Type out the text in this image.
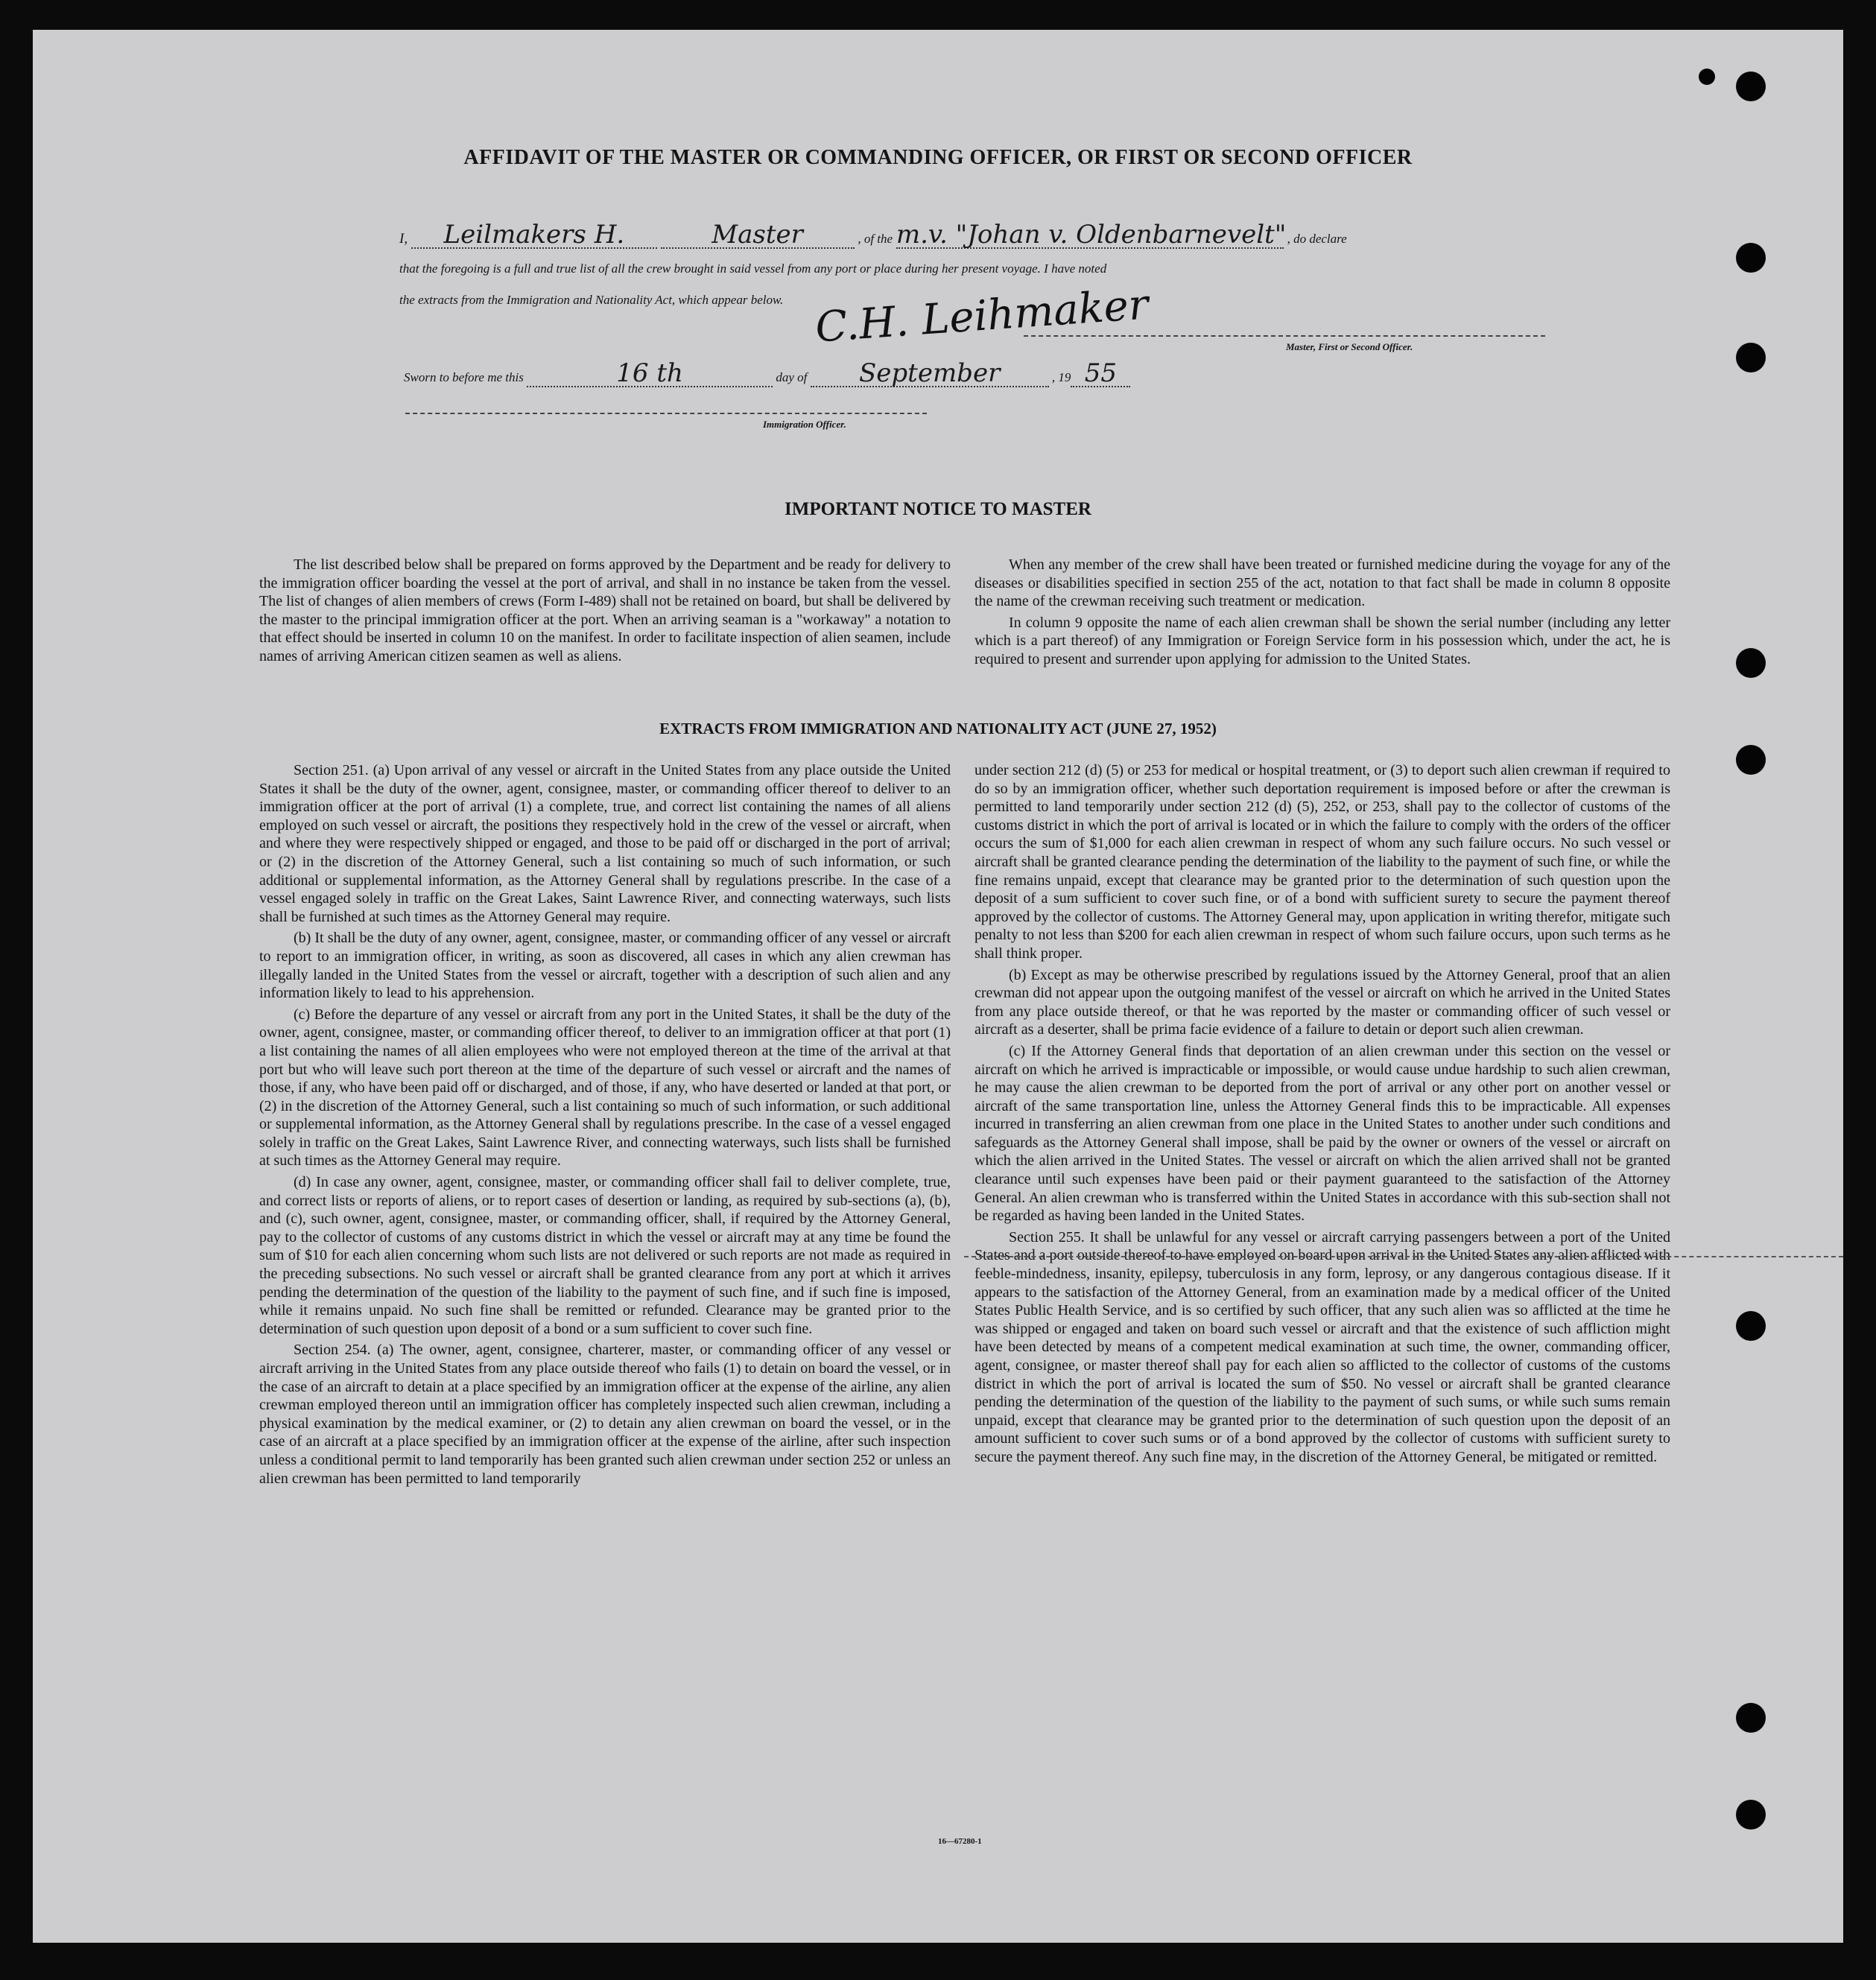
AFFIDAVIT OF THE MASTER OR COMMANDING OFFICER, OR FIRST OR SECOND OFFICER
I, Leilmakers H.	Master	, of the m.v. "Johan v. Oldenbarnevelt" , do declare
that the foregoing is a full and true list of all the crew brought in said vessel from any port or place during her present voyage. I have noted
the extracts from the Immigration and Nationality Act, which appear below. C.H. Leihmaker	Master, First or Second Officer.
Sworn to before me this	16 th	day of September	, 19 55
Immigration Officer.
IMPORTANT NOTICE TO MASTER

The list described below shall be prepared on forms approved by the Department and be ready for delivery to the immigration officer boarding the vessel at the port of arrival, and shall in no instance be taken from the vessel. The list of changes of alien members of crews (Form I-489) shall not be retained on board, but shall be delivered by the master to the principal immigration officer at the port. When an arriving seaman is a "workaway" a notation to that effect should be inserted in column 10 on the manifest. In order to facilitate inspection of alien seamen, include names of arriving American citizen seamen as well as aliens.

When any member of the crew shall have been treated or furnished medicine during the voyage for any of the diseases or disabilities specified in section 255 of the act, notation to that fact shall be made in column 8 opposite the name of the crewman receiving such treatment or medication.

In column 9 opposite the name of each alien crewman shall be shown the serial number (including any letter which is a part thereof) of any Immigration or Foreign Service form in his possession which, under the act, he is required to present and surrender upon applying for admission to the United States.

EXTRACTS FROM IMMIGRATION AND NATIONALITY ACT (JUNE 27, 1952)

Section 251. (a) Upon arrival of any vessel or aircraft in the United States from any place outside the United States it shall be the duty of the owner, agent, consignee, master, or commanding officer thereof to deliver to an immigration officer at the port of arrival (1) a complete, true, and correct list containing the names of all aliens employed on such vessel or aircraft, the positions they respectively hold in the crew of the vessel or aircraft, when and where they were respectively shipped or engaged, and those to be paid off or discharged in the port of arrival; or (2) in the discretion of the Attorney General, such a list containing so much of such information, or such additional or supplemental information, as the Attorney General shall by regulations prescribe. In the case of a vessel engaged solely in traffic on the Great Lakes, Saint Lawrence River, and connecting waterways, such lists shall be furnished at such times as the Attorney General may require.

(b) It shall be the duty of any owner, agent, consignee, master, or commanding officer of any vessel or aircraft to report to an immigration officer, in writing, as soon as discovered, all cases in which any alien crewman has illegally landed in the United States from the vessel or aircraft, together with a description of such alien and any information likely to lead to his apprehension.

(c) Before the departure of any vessel or aircraft from any port in the United States, it shall be the duty of the owner, agent, consignee, master, or commanding officer thereof, to deliver to an immigration officer at that port (1) a list containing the names of all alien employees who were not employed thereon at the time of the arrival at that port but who will leave such port thereon at the time of the departure of such vessel or aircraft and the names of those, if any, who have been paid off or discharged, and of those, if any, who have deserted or landed at that port, or (2) in the discretion of the Attorney General, such a list containing so much of such information, or such additional or supplemental information, as the Attorney General shall by regulations prescribe. In the case of a vessel engaged solely in traffic on the Great Lakes, Saint Lawrence River, and connecting waterways, such lists shall be furnished at such times as the Attorney General may require.

(d) In case any owner, agent, consignee, master, or commanding officer shall fail to deliver complete, true, and correct lists or reports of aliens, or to report cases of desertion or landing, as required by sub-sections (a), (b), and (c), such owner, agent, consignee, master, or commanding officer, shall, if required by the Attorney General, pay to the collector of customs of any customs district in which the vessel or aircraft may at any time be found the sum of $10 for each alien concerning whom such lists are not delivered or such reports are not made as required in the preceding subsections. No such vessel or aircraft shall be granted clearance from any port at which it arrives pending the determination of the question of the liability to the payment of such fine, and if such fine is imposed, while it remains unpaid. No such fine shall be remitted or refunded. Clearance may be granted prior to the determination of such question upon deposit of a bond or a sum sufficient to cover such fine.

Section 254. (a) The owner, agent, consignee, charterer, master, or commanding officer of any vessel or aircraft arriving in the United States from any place outside thereof who fails (1) to detain on board the vessel, or in the case of an aircraft to detain at a place specified by an immigration officer at the expense of the airline, any alien crewman employed thereon until an immigration officer has completely inspected such alien crewman, including a physical examination by the medical examiner, or (2) to detain any alien crewman on board the vessel, or in the case of an aircraft at a place specified by an immigration officer at the expense of the airline, after such inspection unless a conditional permit to land temporarily has been granted such alien crewman under section 252 or unless an alien crewman has been permitted to land temporarily

under section 212 (d) (5) or 253 for medical or hospital treatment, or (3) to deport such alien crewman if required to do so by an immigration officer, whether such deportation requirement is imposed before or after the crewman is permitted to land temporarily under section 212 (d) (5), 252, or 253, shall pay to the collector of customs of the customs district in which the port of arrival is located or in which the failure to comply with the orders of the officer occurs the sum of $1,000 for each alien crewman in respect of whom any such failure occurs. No such vessel or aircraft shall be granted clearance pending the determination of the liability to the payment of such fine, or while the fine remains unpaid, except that clearance may be granted prior to the determination of such question upon the deposit of a sum sufficient to cover such fine, or of a bond with sufficient surety to secure the payment thereof approved by the collector of customs. The Attorney General may, upon application in writing therefor, mitigate such penalty to not less than $200 for each alien crewman in respect of whom such failure occurs, upon such terms as he shall think proper.

(b) Except as may be otherwise prescribed by regulations issued by the Attorney General, proof that an alien crewman did not appear upon the outgoing manifest of the vessel or aircraft on which he arrived in the United States from any place outside thereof, or that he was reported by the master or commanding officer of such vessel or aircraft as a deserter, shall be prima facie evidence of a failure to detain or deport such alien crewman.

(c) If the Attorney General finds that deportation of an alien crewman under this section on the vessel or aircraft on which he arrived is impracticable or impossible, or would cause undue hardship to such alien crewman, he may cause the alien crewman to be deported from the port of arrival or any other port on another vessel or aircraft of the same transportation line, unless the Attorney General finds this to be impracticable. All expenses incurred in transferring an alien crewman from one place in the United States to another under such conditions and safeguards as the Attorney General shall impose, shall be paid by the owner or owners of the vessel or aircraft on which the alien arrived in the United States. The vessel or aircraft on which the alien arrived shall not be granted clearance until such expenses have been paid or their payment guaranteed to the satisfaction of the Attorney General. An alien crewman who is transferred within the United States in accordance with this sub-section shall not be regarded as having been landed in the United States.

Section 255. It shall be unlawful for any vessel or aircraft carrying passengers between a port of the United States and a port outside thereof to have employed on board upon arrival in the United States any alien afflicted with feeble-mindedness, insanity, epilepsy, tuberculosis in any form, leprosy, or any dangerous contagious disease. If it appears to the satisfaction of the Attorney General, from an examination made by a medical officer of the United States Public Health Service, and is so certified by such officer, that any such alien was so afflicted at the time he was shipped or engaged and taken on board such vessel or aircraft and that the existence of such affliction might have been detected by means of a competent medical examination at such time, the owner, commanding officer, agent, consignee, or master thereof shall pay for each alien so afflicted to the collector of customs of the customs district in which the port of arrival is located the sum of $50. No vessel or aircraft shall be granted clearance pending the determination of the question of the liability to the payment of such sums, or while such sums remain unpaid, except that clearance may be granted prior to the determination of such question upon the deposit of an amount sufficient to cover such sums or of a bond approved by the collector of customs with sufficient surety to secure the payment thereof. Any such fine may, in the discretion of the Attorney General, be mitigated or remitted.

16—67280-1
